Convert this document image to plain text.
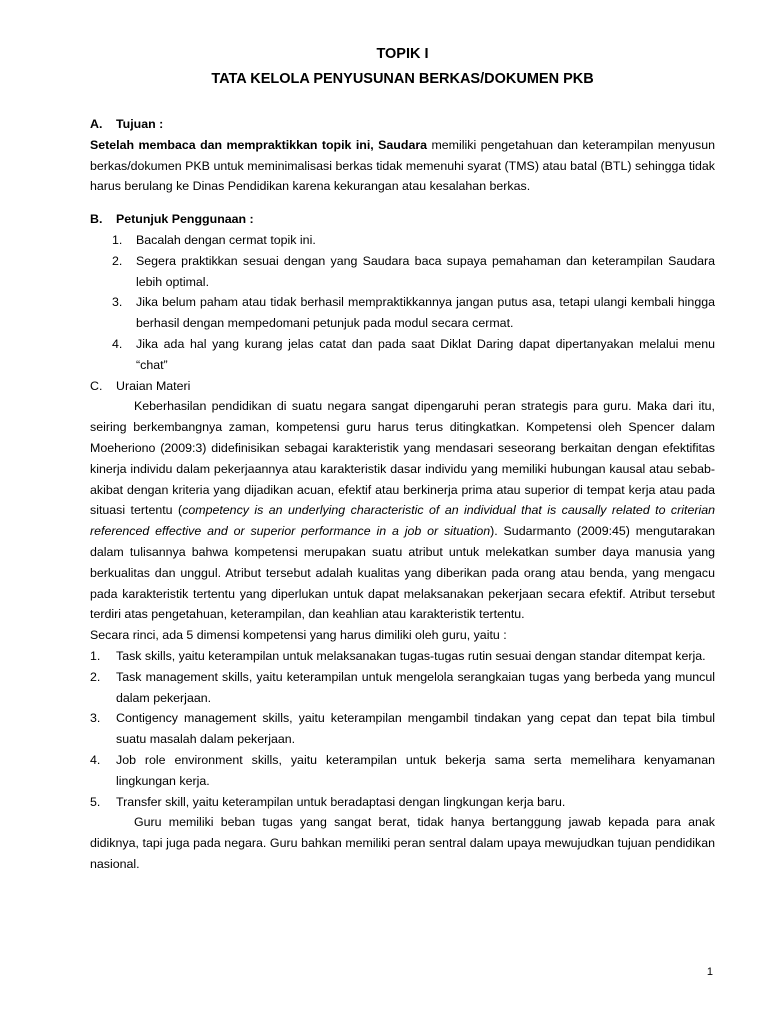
TOPIK I

TATA KELOLA PENYUSUNAN BERKAS/DOKUMEN PKB

A.	Tujuan :

Setelah membaca dan mempraktikkan topik ini, Saudara memiliki pengetahuan dan keterampilan menyusun berkas/dokumen PKB untuk meminimalisasi berkas tidak memenuhi syarat (TMS) atau batal (BTL) sehingga tidak harus berulang ke Dinas Pendidikan karena kekurangan atau kesalahan berkas.

B.	Petunjuk Penggunaan :
1. Bacalah dengan cermat topik ini.
2. Segera praktikkan sesuai dengan yang Saudara baca supaya pemahaman dan keterampilan Saudara lebih optimal.
3. Jika belum paham atau tidak berhasil mempraktikkannya jangan putus asa, tetapi ulangi kembali hingga berhasil dengan mempedomani petunjuk pada modul secara cermat.
4. Jika ada hal yang kurang jelas catat dan pada saat Diklat Daring dapat dipertanyakan melalui menu “chat”
C.	Uraian Materi

Keberhasilan pendidikan di suatu negara sangat dipengaruhi peran strategis para guru. Maka dari itu, seiring berkembangnya zaman, kompetensi guru harus terus ditingkatkan. Kompetensi oleh Spencer dalam Moeheriono (2009:3) didefinisikan sebagai karakteristik yang mendasari seseorang berkaitan dengan efektifitas kinerja individu dalam pekerjaannya atau karakteristik dasar individu yang memiliki hubungan kausal atau sebab-akibat dengan kriteria yang dijadikan acuan, efektif atau berkinerja prima atau superior di tempat kerja atau pada situasi tertentu (competency is an underlying characteristic of an individual that is causally related to criterian referenced effective and or superior performance in a job or situation). Sudarmanto (2009:45) mengutarakan dalam tulisannya bahwa kompetensi merupakan suatu atribut untuk melekatkan sumber daya manusia yang berkualitas dan unggul. Atribut tersebut adalah kualitas yang diberikan pada orang atau benda, yang mengacu pada karakteristik tertentu yang diperlukan untuk dapat melaksanakan pekerjaan secara efektif. Atribut tersebut terdiri atas pengetahuan, keterampilan, dan keahlian atau karakteristik tertentu.

Secara rinci, ada 5 dimensi kompetensi yang harus dimiliki oleh guru, yaitu :

1. Task skills, yaitu keterampilan untuk melaksanakan tugas-tugas rutin sesuai dengan standar ditempat kerja.
2. Task management skills, yaitu keterampilan untuk mengelola serangkaian tugas yang berbeda yang muncul dalam pekerjaan.
3. Contigency management skills, yaitu keterampilan mengambil tindakan yang cepat dan tepat bila timbul suatu masalah dalam pekerjaan.
4. Job role environment skills, yaitu keterampilan untuk bekerja sama serta memelihara kenyamanan lingkungan kerja.
5. Transfer skill, yaitu keterampilan untuk beradaptasi dengan lingkungan kerja baru.

Guru memiliki beban tugas yang sangat berat, tidak hanya bertanggung jawab kepada para anak didiknya, tapi juga pada negara. Guru bahkan memiliki peran sentral dalam upaya mewujudkan tujuan pendidikan nasional.

1
